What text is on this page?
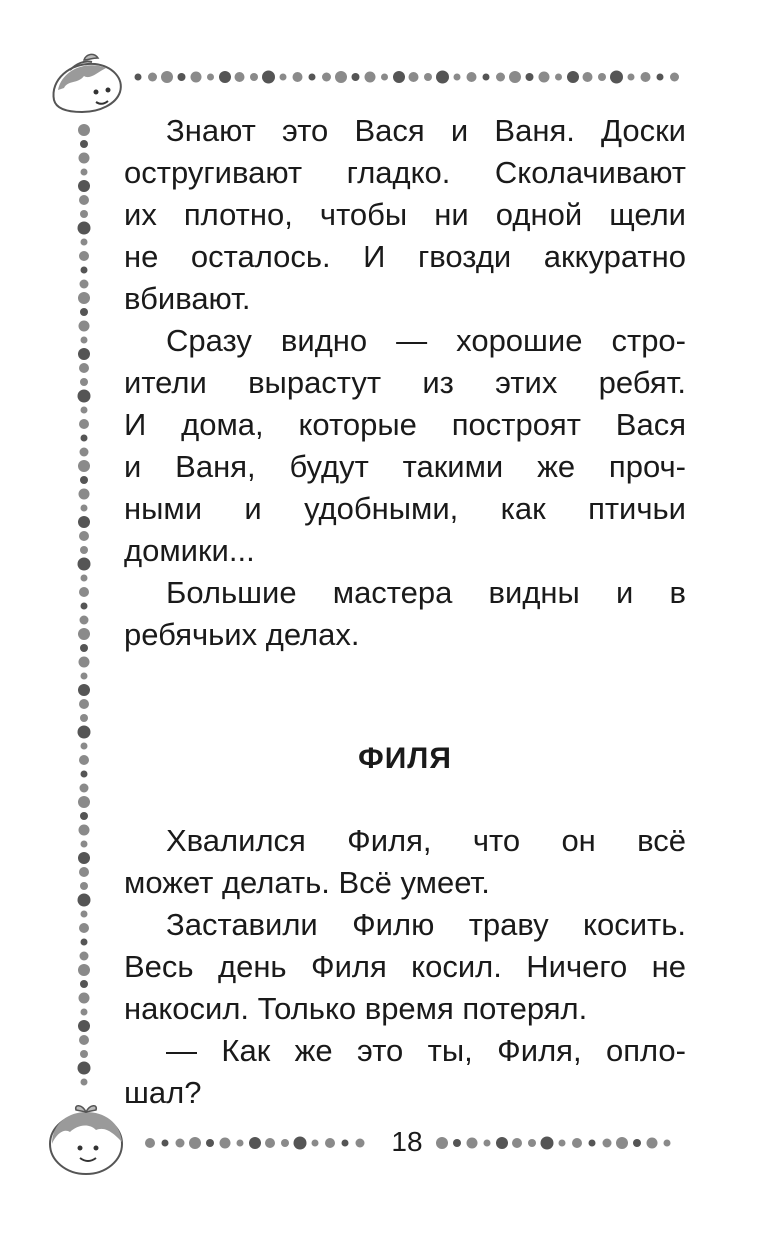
Знают это Вася и Ваня. Доски
остругивают гладко. Сколачивают
их плотно, чтобы ни одной щели
не осталось. И гвозди аккуратно
вбивают.
Сразу видно — хорошие стро-
ители вырастут из этих ребят.
И дома, которые построят Вася
и Ваня, будут такими же проч-
ными и удобными, как птичьи
домики...
Большие мастера видны и в
ребячьих делах.
ФИЛЯ
Хвалился Филя, что он всё
может делать. Всё умеет.
Заставили Филю траву косить.
Весь день Филя косил. Ничего не
накосил. Только время потерял.
— Как же это ты, Филя, опло-
шал?
18
